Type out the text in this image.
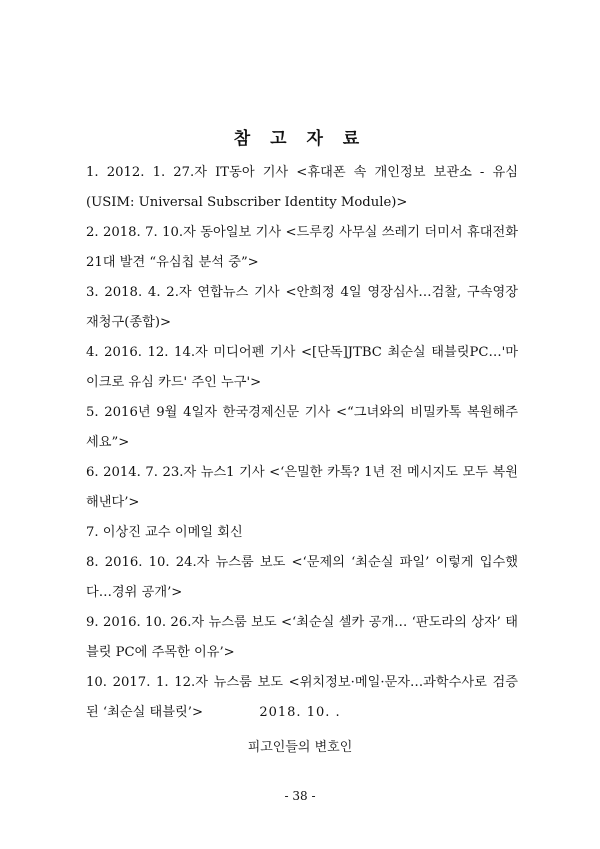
참 고 자 료

1. 2012. 1. 27.자 IT동아 기사 <휴대폰 속 개인정보 보관소 - 유심(USIM: Universal Subscriber Identity Module)>

2. 2018. 7. 10.자 동아일보 기사 <드루킹 사무실 쓰레기 더미서 휴대전화 21대 발견 “유심칩 분석 중”>

3. 2018. 4. 2.자 연합뉴스 기사 <안희정 4일 영장심사…검찰, 구속영장 재청구(종합)>

4. 2016. 12. 14.자 미디어펜 기사 <[단독]JTBC 최순실 태블릿PC…'마이크로 유심 카드' 주인 누구'>

5. 2016년 9월 4일자 한국경제신문 기사 <“그녀와의 비밀카톡 복원해주세요”>

6. 2014. 7. 23.자 뉴스1 기사 <‘은밀한 카톡? 1년 전 메시지도 모두 복원해낸다’>

7. 이상진 교수 이메일 회신

8. 2016. 10. 24.자 뉴스룸 보도 <‘문제의 ‘최순실 파일’ 이렇게 입수했다…경위 공개’>

9. 2016. 10. 26.자 뉴스룸 보도 <‘최순실 셀카 공개… ‘판도라의 상자’ 태블릿 PC에 주목한 이유’>

10. 2017. 1. 12.자 뉴스룸 보도 <위치정보·메일·문자…과학수사로 검증된 ‘최순실 태블릿’>	2018. 10. .
피고인들의 변호인
- 38 -
